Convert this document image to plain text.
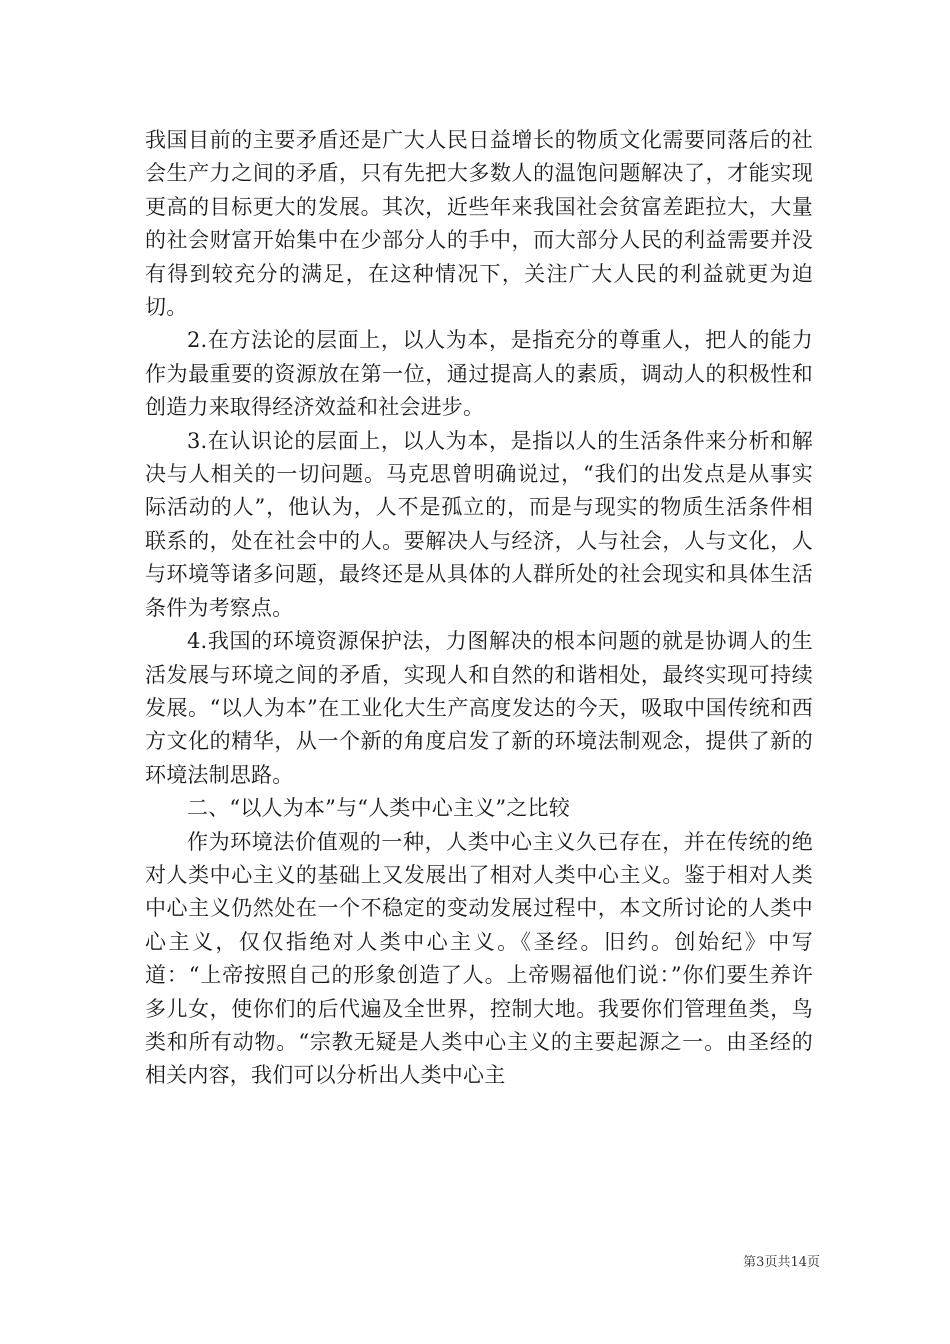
我国目前的主要矛盾还是广大人民日益增长的物质文化需要同落后的社会生产力之间的矛盾，只有先把大多数人的温饱问题解决了，才能实现更高的目标更大的发展。其次，近些年来我国社会贫富差距拉大，大量的社会财富开始集中在少部分人的手中，而大部分人民的利益需要并没有得到较充分的满足，在这种情况下，关注广大人民的利益就更为迫切。

2.在方法论的层面上，以人为本，是指充分的尊重人，把人的能力作为最重要的资源放在第一位，通过提高人的素质，调动人的积极性和创造力来取得经济效益和社会进步。

3.在认识论的层面上，以人为本，是指以人的生活条件来分析和解决与人相关的一切问题。马克思曾明确说过，“我们的出发点是从事实际活动的人”，他认为，人不是孤立的，而是与现实的物质生活条件相联系的，处在社会中的人。要解决人与经济，人与社会，人与文化，人与环境等诸多问题，最终还是从具体的人群所处的社会现实和具体生活条件为考察点。

4.我国的环境资源保护法，力图解决的根本问题的就是协调人的生活发展与环境之间的矛盾，实现人和自然的和谐相处，最终实现可持续发展。“以人为本”在工业化大生产高度发达的今天，吸取中国传统和西方文化的精华，从一个新的角度启发了新的环境法制观念，提供了新的环境法制思路。

二、“以人为本”与“人类中心主义”之比较

作为环境法价值观的一种，人类中心主义久已存在，并在传统的绝对人类中心主义的基础上又发展出了相对人类中心主义。鉴于相对人类中心主义仍然处在一个不稳定的变动发展过程中，本文所讨论的人类中心主义，仅仅指绝对人类中心主义。《圣经。旧约。创始纪》中写道：“上帝按照自己的形象创造了人。上帝赐福他们说：”你们要生养许多儿女，使你们的后代遍及全世界，控制大地。我要你们管理鱼类，鸟类和所有动物。“宗教无疑是人类中心主义的主要起源之一。由圣经的相关内容，我们可以分析出人类中心主

第3页共14页
